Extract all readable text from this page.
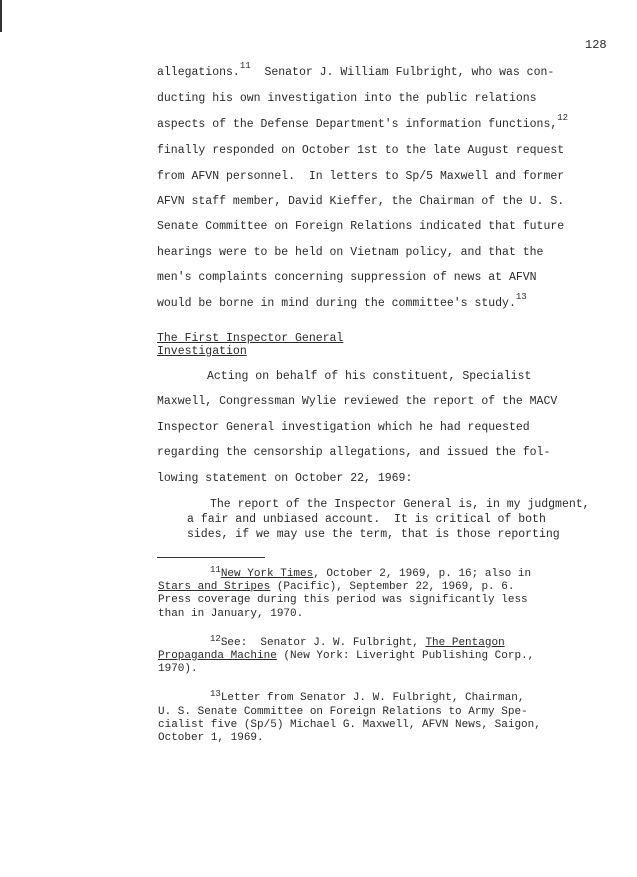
128
allegations.$^{11}$  Senator J. William Fulbright, who was con-
ducting his own investigation into the public relations
aspects of the Defense Department's information functions,$^{12}$
finally responded on October 1st to the late August request
from AFVN personnel.  In letters to Sp/5 Maxwell and former
AFVN staff member, David Kieffer, the Chairman of the U. S.
Senate Committee on Foreign Relations indicated that future
hearings were to be held on Vietnam policy, and that the
men's complaints concerning suppression of news at AFVN
would be borne in mind during the committee's study.$^{13}$
The First Inspector General
Investigation
Acting on behalf of his constituent, Specialist
Maxwell, Congressman Wylie reviewed the report of the MACV
Inspector General investigation which he had requested
regarding the censorship allegations, and issued the fol-
lowing statement on October 22, 1969:
The report of the Inspector General is, in my judgment,
a fair and unbiased account.  It is critical of both
sides, if we may use the term, that is those reporting
$^{11}$New York Times, October 2, 1969, p. 16; also in
Stars and Stripes (Pacific), September 22, 1969, p. 6.
Press coverage during this period was significantly less
than in January, 1970.
$^{12}$See:  Senator J. W. Fulbright, The Pentagon
Propaganda Machine (New York: Liveright Publishing Corp.,
1970).
$^{13}$Letter from Senator J. W. Fulbright, Chairman,
U. S. Senate Committee on Foreign Relations to Army Spe-
cialist five (Sp/5) Michael G. Maxwell, AFVN News, Saigon,
October 1, 1969.
